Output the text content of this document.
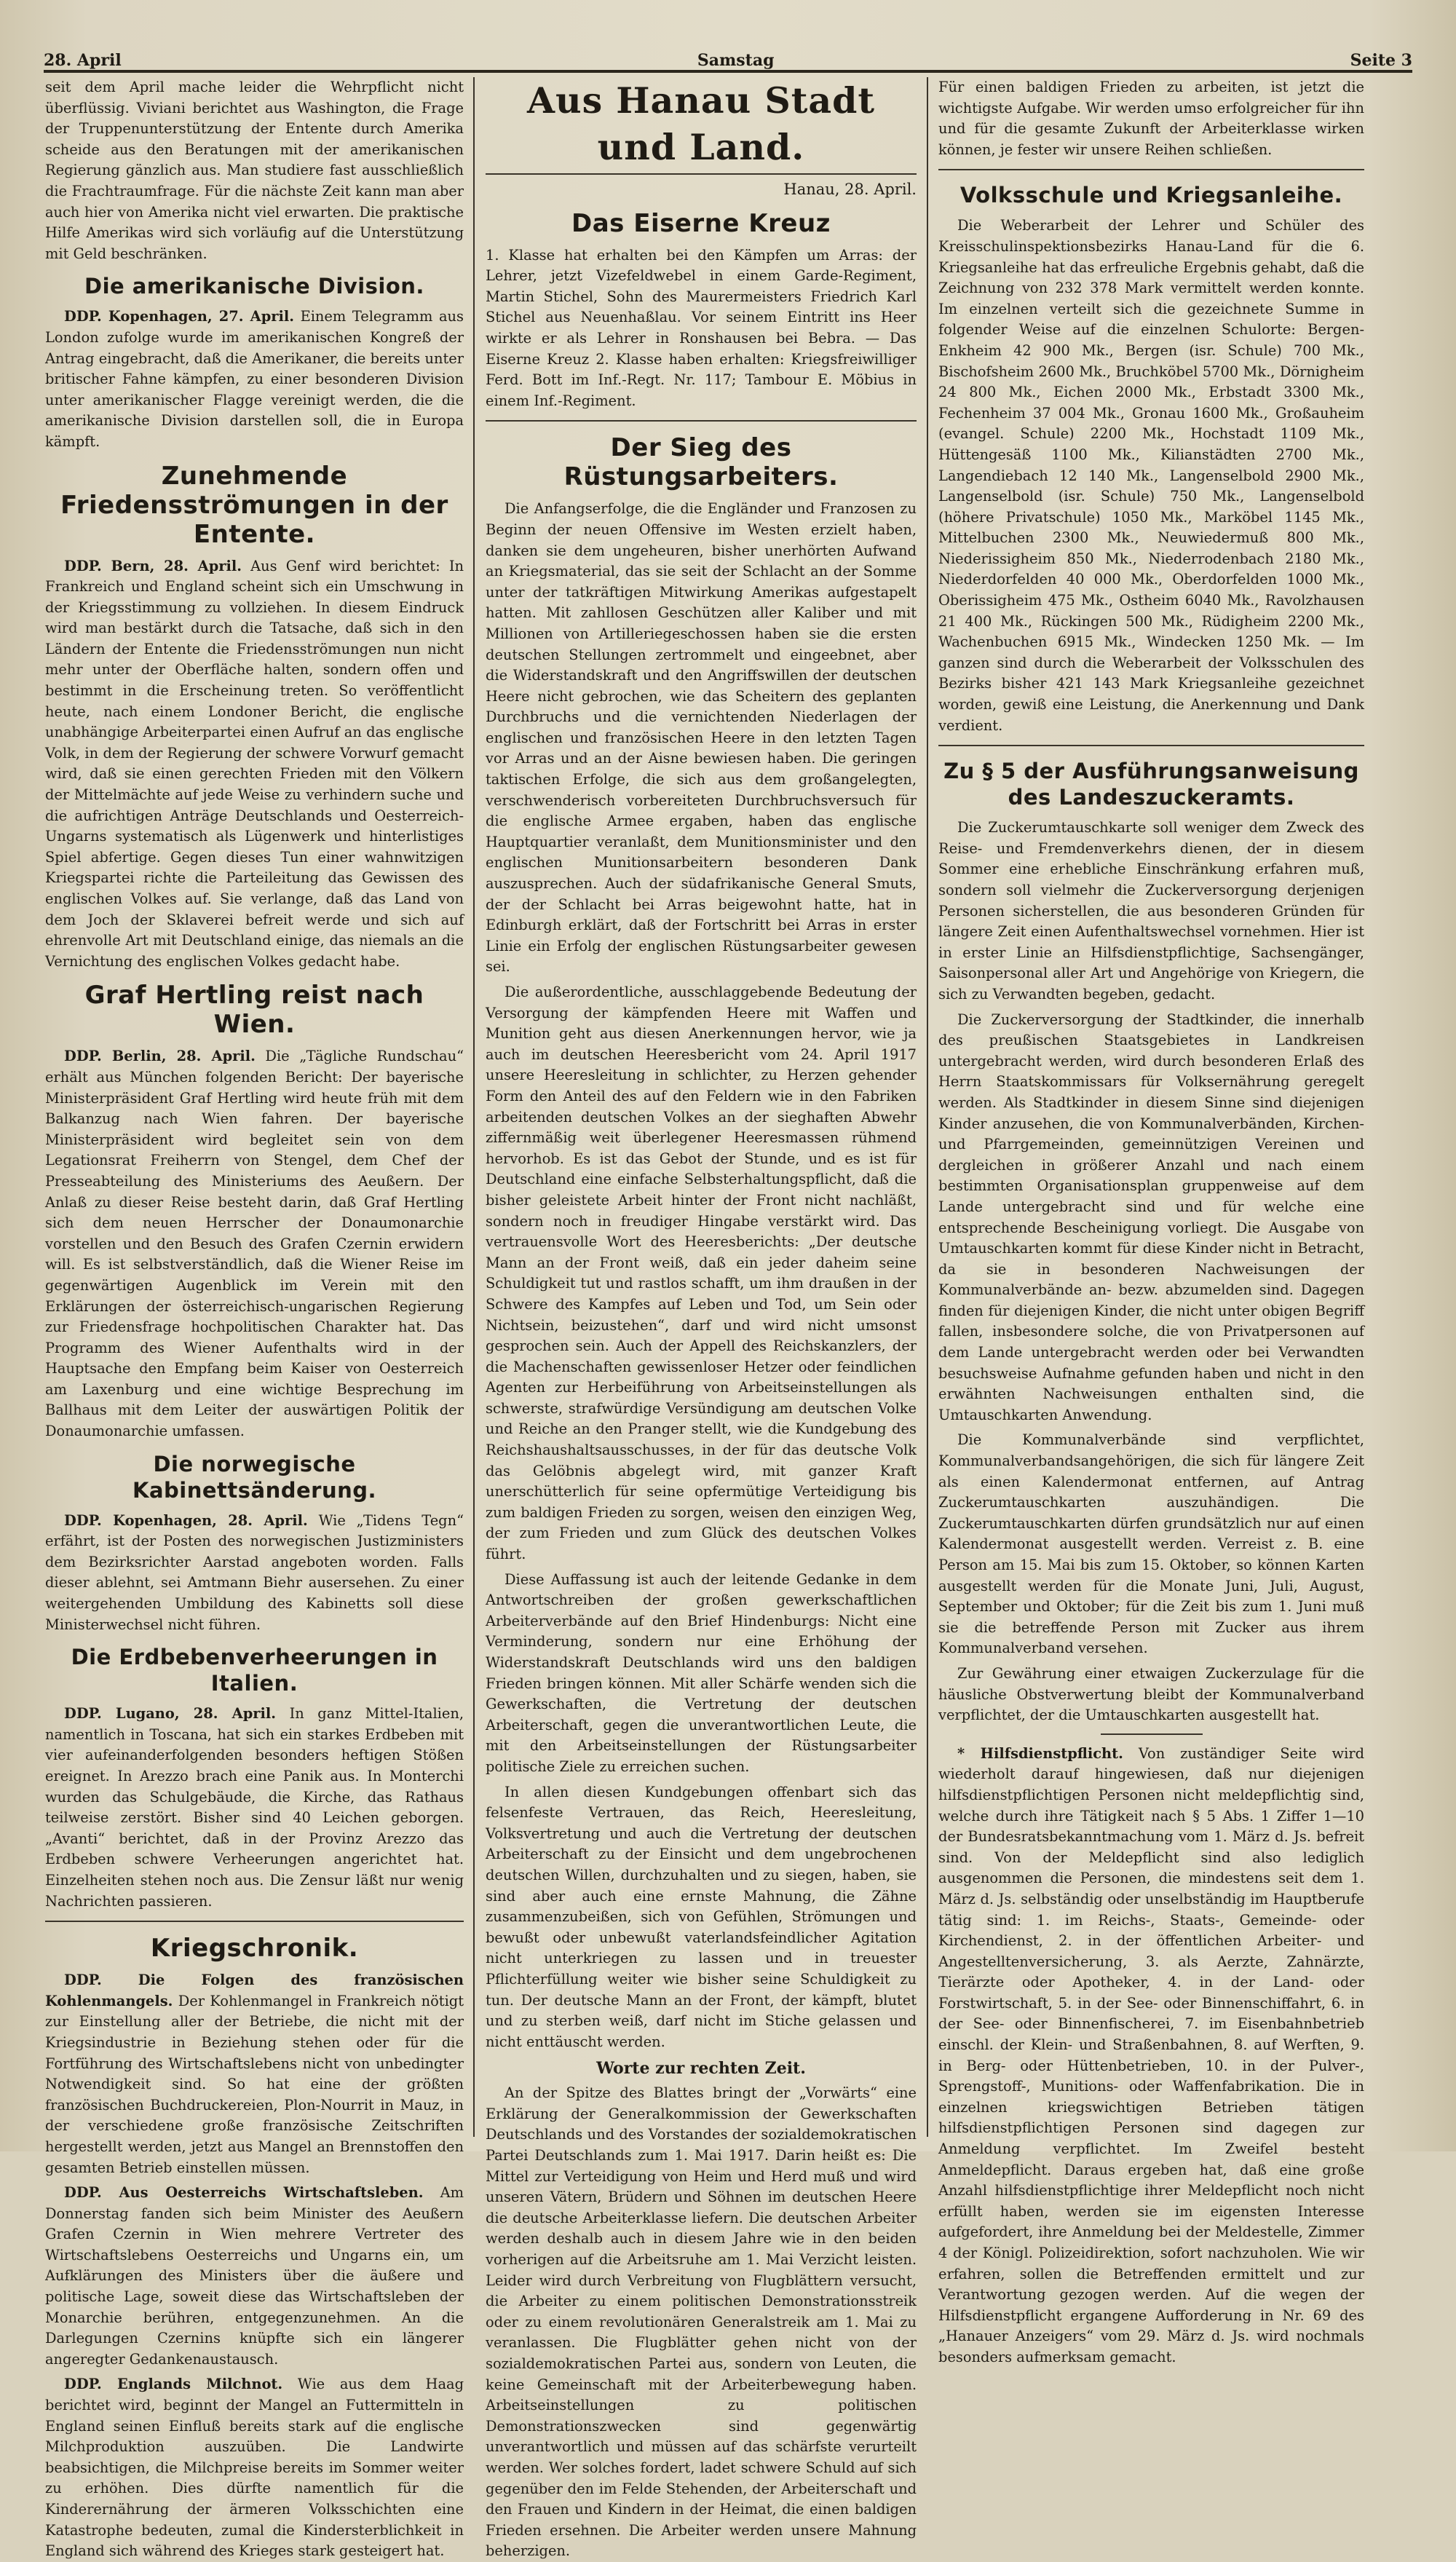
28. April	Samstag	Seite 3

seit dem April mache leider die Wehrpflicht nicht überflüssig. Viviani berichtet aus Washington, die Frage der Truppenunterstützung der Entente durch Amerika scheide aus den Beratungen mit der amerikanischen Regierung gänzlich aus. Man studiere fast ausschließlich die Frachtraumfrage. Für die nächste Zeit kann man aber auch hier von Amerika nicht viel erwarten. Die praktische Hilfe Amerikas wird sich vorläufig auf die Unterstützung mit Geld beschränken.

Die amerikanische Division.

DDP. Kopenhagen, 27. April. Einem Telegramm aus London zufolge wurde im amerikanischen Kongreß der Antrag eingebracht, daß die Amerikaner, die bereits unter britischer Fahne kämpfen, zu einer besonderen Division unter amerikanischer Flagge vereinigt werden, die die amerikanische Division darstellen soll, die in Europa kämpft.

Zunehmende Friedensströmungen in der Entente.

DDP. Bern, 28. April. Aus Genf wird berichtet: In Frankreich und England scheint sich ein Umschwung in der Kriegsstimmung zu vollziehen. In diesem Eindruck wird man bestärkt durch die Tatsache, daß sich in den Ländern der Entente die Friedensströmungen nun nicht mehr unter der Oberfläche halten, sondern offen und bestimmt in die Erscheinung treten. So veröffentlicht heute, nach einem Londoner Bericht, die englische unabhängige Arbeiterpartei einen Aufruf an das englische Volk, in dem der Regierung der schwere Vorwurf gemacht wird, daß sie einen gerechten Frieden mit den Völkern der Mittelmächte auf jede Weise zu verhindern suche und die aufrichtigen Anträge Deutschlands und Oesterreich-Ungarns systematisch als Lügenwerk und hinterlistiges Spiel abfertige. Gegen dieses Tun einer wahnwitzigen Kriegspartei richte die Parteileitung das Gewissen des englischen Volkes auf. Sie verlange, daß das Land von dem Joch der Sklaverei befreit werde und sich auf ehrenvolle Art mit Deutschland einige, das niemals an die Vernichtung des englischen Volkes gedacht habe.

Graf Hertling reist nach Wien.

DDP. Berlin, 28. April. Die „Tägliche Rundschau“ erhält aus München folgenden Bericht: Der bayerische Ministerpräsident Graf Hertling wird heute früh mit dem Balkanzug nach Wien fahren. Der bayerische Ministerpräsident wird begleitet sein von dem Legationsrat Freiherrn von Stengel, dem Chef der Presseabteilung des Ministeriums des Aeußern. Der Anlaß zu dieser Reise besteht darin, daß Graf Hertling sich dem neuen Herrscher der Donaumonarchie vorstellen und den Besuch des Grafen Czernin erwidern will. Es ist selbstverständlich, daß die Wiener Reise im gegenwärtigen Augenblick im Verein mit den Erklärungen der österreichisch-ungarischen Regierung zur Friedensfrage hochpolitischen Charakter hat. Das Programm des Wiener Aufenthalts wird in der Hauptsache den Empfang beim Kaiser von Oesterreich am Laxenburg und eine wichtige Besprechung im Ballhaus mit dem Leiter der auswärtigen Politik der Donaumonarchie umfassen.

Die norwegische Kabinettsänderung.

DDP. Kopenhagen, 28. April. Wie „Tidens Tegn“ erfährt, ist der Posten des norwegischen Justizministers dem Bezirksrichter Aarstad angeboten worden. Falls dieser ablehnt, sei Amtmann Biehr ausersehen. Zu einer weitergehenden Umbildung des Kabinetts soll diese Ministerwechsel nicht führen.

Die Erdbebenverheerungen in Italien.

DDP. Lugano, 28. April. In ganz Mittel-Italien, namentlich in Toscana, hat sich ein starkes Erdbeben mit vier aufeinanderfolgenden besonders heftigen Stößen ereignet. In Arezzo brach eine Panik aus. In Monterchi wurden das Schulgebäude, die Kirche, das Rathaus teilweise zerstört. Bisher sind 40 Leichen geborgen. „Avanti“ berichtet, daß in der Provinz Arezzo das Erdbeben schwere Verheerungen angerichtet hat. Einzelheiten stehen noch aus. Die Zensur läßt nur wenig Nachrichten passieren.

Kriegschronik.

DDP. Die Folgen des französischen Kohlenmangels. Der Kohlenmangel in Frankreich nötigt zur Einstellung aller der Betriebe, die nicht mit der Kriegsindustrie in Beziehung stehen oder für die Fortführung des Wirtschaftslebens nicht von unbedingter Notwendigkeit sind. So hat eine der größten französischen Buchdruckereien, Plon-Nourrit in Mauz, in der verschiedene große französische Zeitschriften hergestellt werden, jetzt aus Mangel an Brennstoffen den gesamten Betrieb einstellen müssen.

DDP. Aus Oesterreichs Wirtschaftsleben. Am Donnerstag fanden sich beim Minister des Aeußern Grafen Czernin in Wien mehrere Vertreter des Wirtschaftslebens Oesterreichs und Ungarns ein, um Aufklärungen des Ministers über die äußere und politische Lage, soweit diese das Wirtschaftsleben der Monarchie berühren, entgegenzunehmen. An die Darlegungen Czernins knüpfte sich ein längerer angeregter Gedankenaustausch.

DDP. Englands Milchnot. Wie aus dem Haag berichtet wird, beginnt der Mangel an Futtermitteln in England seinen Einfluß bereits stark auf die englische Milchproduktion auszuüben. Die Landwirte beabsichtigen, die Milchpreise bereits im Sommer weiter zu erhöhen. Dies dürfte namentlich für die Kinderernährung der ärmeren Volksschichten eine Katastrophe bedeuten, zumal die Kindersterblichkeit in England sich während des Krieges stark gesteigert hat.

Aus Hanau Stadt und Land.
Hanau, 28. April.
Das Eiserne Kreuz

1. Klasse hat erhalten bei den Kämpfen um Arras: der Lehrer, jetzt Vizefeldwebel in einem Garde-Regiment, Martin Stichel, Sohn des Maurermeisters Friedrich Karl Stichel aus Neuenhaßlau. Vor seinem Eintritt ins Heer wirkte er als Lehrer in Ronshausen bei Bebra. — Das Eiserne Kreuz 2. Klasse haben erhalten: Kriegsfreiwilliger Ferd. Bott im Inf.-Regt. Nr. 117; Tambour E. Möbius in einem Inf.-Regiment.

Der Sieg des Rüstungsarbeiters.

Die Anfangserfolge, die die Engländer und Franzosen zu Beginn der neuen Offensive im Westen erzielt haben, danken sie dem ungeheuren, bisher unerhörten Aufwand an Kriegsmaterial, das sie seit der Schlacht an der Somme unter der tatkräftigen Mitwirkung Amerikas aufgestapelt hatten. Mit zahllosen Geschützen aller Kaliber und mit Millionen von Artilleriegeschossen haben sie die ersten deutschen Stellungen zertrommelt und eingeebnet, aber die Widerstandskraft und den Angriffswillen der deutschen Heere nicht gebrochen, wie das Scheitern des geplanten Durchbruchs und die vernichtenden Niederlagen der englischen und französischen Heere in den letzten Tagen vor Arras und an der Aisne bewiesen haben. Die geringen taktischen Erfolge, die sich aus dem großangelegten, verschwenderisch vorbereiteten Durchbruchsversuch für die englische Armee ergaben, haben das englische Hauptquartier veranlaßt, dem Munitionsminister und den englischen Munitionsarbeitern besonderen Dank auszusprechen. Auch der südafrikanische General Smuts, der der Schlacht bei Arras beigewohnt hatte, hat in Edinburgh erklärt, daß der Fortschritt bei Arras in erster Linie ein Erfolg der englischen Rüstungsarbeiter gewesen sei.

Die außerordentliche, ausschlaggebende Bedeutung der Versorgung der kämpfenden Heere mit Waffen und Munition geht aus diesen Anerkennungen hervor, wie ja auch im deutschen Heeresbericht vom 24. April 1917 unsere Heeresleitung in schlichter, zu Herzen gehender Form den Anteil des auf den Feldern wie in den Fabriken arbeitenden deutschen Volkes an der sieghaften Abwehr ziffernmäßig weit überlegener Heeresmassen rühmend hervorhob. Es ist das Gebot der Stunde, und es ist für Deutschland eine einfache Selbsterhaltungspflicht, daß die bisher geleistete Arbeit hinter der Front nicht nachläßt, sondern noch in freudiger Hingabe verstärkt wird. Das vertrauensvolle Wort des Heeresberichts: „Der deutsche Mann an der Front weiß, daß ein jeder daheim seine Schuldigkeit tut und rastlos schafft, um ihm draußen in der Schwere des Kampfes auf Leben und Tod, um Sein oder Nichtsein, beizustehen“, darf und wird nicht umsonst gesprochen sein. Auch der Appell des Reichskanzlers, der die Machenschaften gewissenloser Hetzer oder feindlichen Agenten zur Herbeiführung von Arbeitseinstellungen als schwerste, strafwürdige Versündigung am deutschen Volke und Reiche an den Pranger stellt, wie die Kundgebung des Reichshaushaltsausschusses, in der für das deutsche Volk das Gelöbnis abgelegt wird, mit ganzer Kraft unerschütterlich für seine opfermütige Verteidigung bis zum baldigen Frieden zu sorgen, weisen den einzigen Weg, der zum Frieden und zum Glück des deutschen Volkes führt.

Diese Auffassung ist auch der leitende Gedanke in dem Antwortschreiben der großen gewerkschaftlichen Arbeiterverbände auf den Brief Hindenburgs: Nicht eine Verminderung, sondern nur eine Erhöhung der Widerstandskraft Deutschlands wird uns den baldigen Frieden bringen können. Mit aller Schärfe wenden sich die Gewerkschaften, die Vertretung der deutschen Arbeiterschaft, gegen die unverantwortlichen Leute, die mit den Arbeitseinstellungen der Rüstungsarbeiter politische Ziele zu erreichen suchen.

In allen diesen Kundgebungen offenbart sich das felsenfeste Vertrauen, das Reich, Heeresleitung, Volksvertretung und auch die Vertretung der deutschen Arbeiterschaft zu der Einsicht und dem ungebrochenen deutschen Willen, durchzuhalten und zu siegen, haben, sie sind aber auch eine ernste Mahnung, die Zähne zusammenzubeißen, sich von Gefühlen, Strömungen und bewußt oder unbewußt vaterlandsfeindlicher Agitation nicht unterkriegen zu lassen und in treuester Pflichterfüllung weiter wie bisher seine Schuldigkeit zu tun. Der deutsche Mann an der Front, der kämpft, blutet und zu sterben weiß, darf nicht im Stiche gelassen und nicht enttäuscht werden.

Worte zur rechten Zeit.

An der Spitze des Blattes bringt der „Vorwärts“ eine Erklärung der Generalkommission der Gewerkschaften Deutschlands und des Vorstandes der sozialdemokratischen Partei Deutschlands zum 1. Mai 1917. Darin heißt es: Die Mittel zur Verteidigung von Heim und Herd muß und wird unseren Vätern, Brüdern und Söhnen im deutschen Heere die deutsche Arbeiterklasse liefern. Die deutschen Arbeiter werden deshalb auch in diesem Jahre wie in den beiden vorherigen auf die Arbeitsruhe am 1. Mai Verzicht leisten. Leider wird durch Verbreitung von Flugblättern versucht, die Arbeiter zu einem politischen Demonstrationsstreik oder zu einem revolutionären Generalstreik am 1. Mai zu veranlassen. Die Flugblätter gehen nicht von der sozialdemokratischen Partei aus, sondern von Leuten, die keine Gemeinschaft mit der Arbeiterbewegung haben. Arbeitseinstellungen zu politischen Demonstrationszwecken sind gegenwärtig unverantwortlich und müssen auf das schärfste verurteilt werden. Wer solches fordert, ladet schwere Schuld auf sich gegenüber den im Felde Stehenden, der Arbeiterschaft und den Frauen und Kindern in der Heimat, die einen baldigen Frieden ersehnen. Die Arbeiter werden unsere Mahnung beherzigen.

Für einen baldigen Frieden zu arbeiten, ist jetzt die wichtigste Aufgabe. Wir werden umso erfolgreicher für ihn und für die gesamte Zukunft der Arbeiterklasse wirken können, je fester wir unsere Reihen schließen.

Volksschule und Kriegsanleihe.

Die Weberarbeit der Lehrer und Schüler des Kreisschulinspektionsbezirks Hanau-Land für die 6. Kriegsanleihe hat das erfreuliche Ergebnis gehabt, daß die Zeichnung von 232 378 Mark vermittelt werden konnte. Im einzelnen verteilt sich die gezeichnete Summe in folgender Weise auf die einzelnen Schulorte: Bergen-Enkheim 42 900 Mk., Bergen (isr. Schule) 700 Mk., Bischofsheim 2600 Mk., Bruchköbel 5700 Mk., Dörnigheim 24 800 Mk., Eichen 2000 Mk., Erbstadt 3300 Mk., Fechenheim 37 004 Mk., Gronau 1600 Mk., Großauheim (evangel. Schule) 2200 Mk., Hochstadt 1109 Mk., Hüttengesäß 1100 Mk., Kilianstädten 2700 Mk., Langendiebach 12 140 Mk., Langenselbold 2900 Mk., Langenselbold (isr. Schule) 750 Mk., Langenselbold (höhere Privatschule) 1050 Mk., Marköbel 1145 Mk., Mittelbuchen 2300 Mk., Neuwiedermuß 800 Mk., Niederissigheim 850 Mk., Niederrodenbach 2180 Mk., Niederdorfelden 40 000 Mk., Oberdorfelden 1000 Mk., Oberissigheim 475 Mk., Ostheim 6040 Mk., Ravolzhausen 21 400 Mk., Rückingen 500 Mk., Rüdigheim 2200 Mk., Wachenbuchen 6915 Mk., Windecken 1250 Mk. — Im ganzen sind durch die Weberarbeit der Volksschulen des Bezirks bisher 421 143 Mark Kriegsanleihe gezeichnet worden, gewiß eine Leistung, die Anerkennung und Dank verdient.

Zu § 5 der Ausführungsanweisung des Landeszuckeramts.

Die Zuckerumtauschkarte soll weniger dem Zweck des Reise- und Fremdenverkehrs dienen, der in diesem Sommer eine erhebliche Einschränkung erfahren muß, sondern soll vielmehr die Zuckerversorgung derjenigen Personen sicherstellen, die aus besonderen Gründen für längere Zeit einen Aufenthaltswechsel vornehmen. Hier ist in erster Linie an Hilfsdienstpflichtige, Sachsengänger, Saisonpersonal aller Art und Angehörige von Kriegern, die sich zu Verwandten begeben, gedacht.

Die Zuckerversorgung der Stadtkinder, die innerhalb des preußischen Staatsgebietes in Landkreisen untergebracht werden, wird durch besonderen Erlaß des Herrn Staatskommissars für Volksernährung geregelt werden. Als Stadtkinder in diesem Sinne sind diejenigen Kinder anzusehen, die von Kommunalverbänden, Kirchen- und Pfarrgemeinden, gemeinnützigen Vereinen und dergleichen in größerer Anzahl und nach einem bestimmten Organisationsplan gruppenweise auf dem Lande untergebracht sind und für welche eine entsprechende Bescheinigung vorliegt. Die Ausgabe von Umtauschkarten kommt für diese Kinder nicht in Betracht, da sie in besonderen Nachweisungen der Kommunalverbände an- bezw. abzumelden sind. Dagegen finden für diejenigen Kinder, die nicht unter obigen Begriff fallen, insbesondere solche, die von Privatpersonen auf dem Lande untergebracht werden oder bei Verwandten besuchsweise Aufnahme gefunden haben und nicht in den erwähnten Nachweisungen enthalten sind, die Umtauschkarten Anwendung.

Die Kommunalverbände sind verpflichtet, Kommunalverbandsangehörigen, die sich für längere Zeit als einen Kalendermonat entfernen, auf Antrag Zuckerumtauschkarten auszuhändigen. Die Zuckerumtauschkarten dürfen grundsätzlich nur auf einen Kalendermonat ausgestellt werden. Verreist z. B. eine Person am 15. Mai bis zum 15. Oktober, so können Karten ausgestellt werden für die Monate Juni, Juli, August, September und Oktober; für die Zeit bis zum 1. Juni muß sie die betreffende Person mit Zucker aus ihrem Kommunalverband versehen.

Zur Gewährung einer etwaigen Zuckerzulage für die häusliche Obstverwertung bleibt der Kommunalverband verpflichtet, der die Umtauschkarten ausgestellt hat.

* Hilfsdienstpflicht. Von zuständiger Seite wird wiederholt darauf hingewiesen, daß nur diejenigen hilfsdienstpflichtigen Personen nicht meldepflichtig sind, welche durch ihre Tätigkeit nach § 5 Abs. 1 Ziffer 1—10 der Bundesratsbekanntmachung vom 1. März d. Js. befreit sind. Von der Meldepflicht sind also lediglich ausgenommen die Personen, die mindestens seit dem 1. März d. Js. selbständig oder unselbständig im Hauptberufe tätig sind: 1. im Reichs-, Staats-, Gemeinde- oder Kirchendienst, 2. in der öffentlichen Arbeiter- und Angestelltenversicherung, 3. als Aerzte, Zahnärzte, Tierärzte oder Apotheker, 4. in der Land- oder Forstwirtschaft, 5. in der See- oder Binnenschiffahrt, 6. in der See- oder Binnenfischerei, 7. im Eisenbahnbetrieb einschl. der Klein- und Straßenbahnen, 8. auf Werften, 9. in Berg- oder Hüttenbetrieben, 10. in der Pulver-, Sprengstoff-, Munitions- oder Waffenfabrikation. Die in einzelnen kriegswichtigen Betrieben tätigen hilfsdienstpflichtigen Personen sind dagegen zur Anmeldung verpflichtet. Im Zweifel besteht Anmeldepflicht. Daraus ergeben hat, daß eine große Anzahl hilfsdienstpflichtige ihrer Meldepflicht noch nicht erfüllt haben, werden sie im eigensten Interesse aufgefordert, ihre Anmeldung bei der Meldestelle, Zimmer 4 der Königl. Polizeidirektion, sofort nachzuholen. Wie wir erfahren, sollen die Betreffenden ermittelt und zur Verantwortung gezogen werden. Auf die wegen der Hilfsdienstpflicht ergangene Aufforderung in Nr. 69 des „Hanauer Anzeigers“ vom 29. März d. Js. wird nochmals besonders aufmerksam gemacht.
